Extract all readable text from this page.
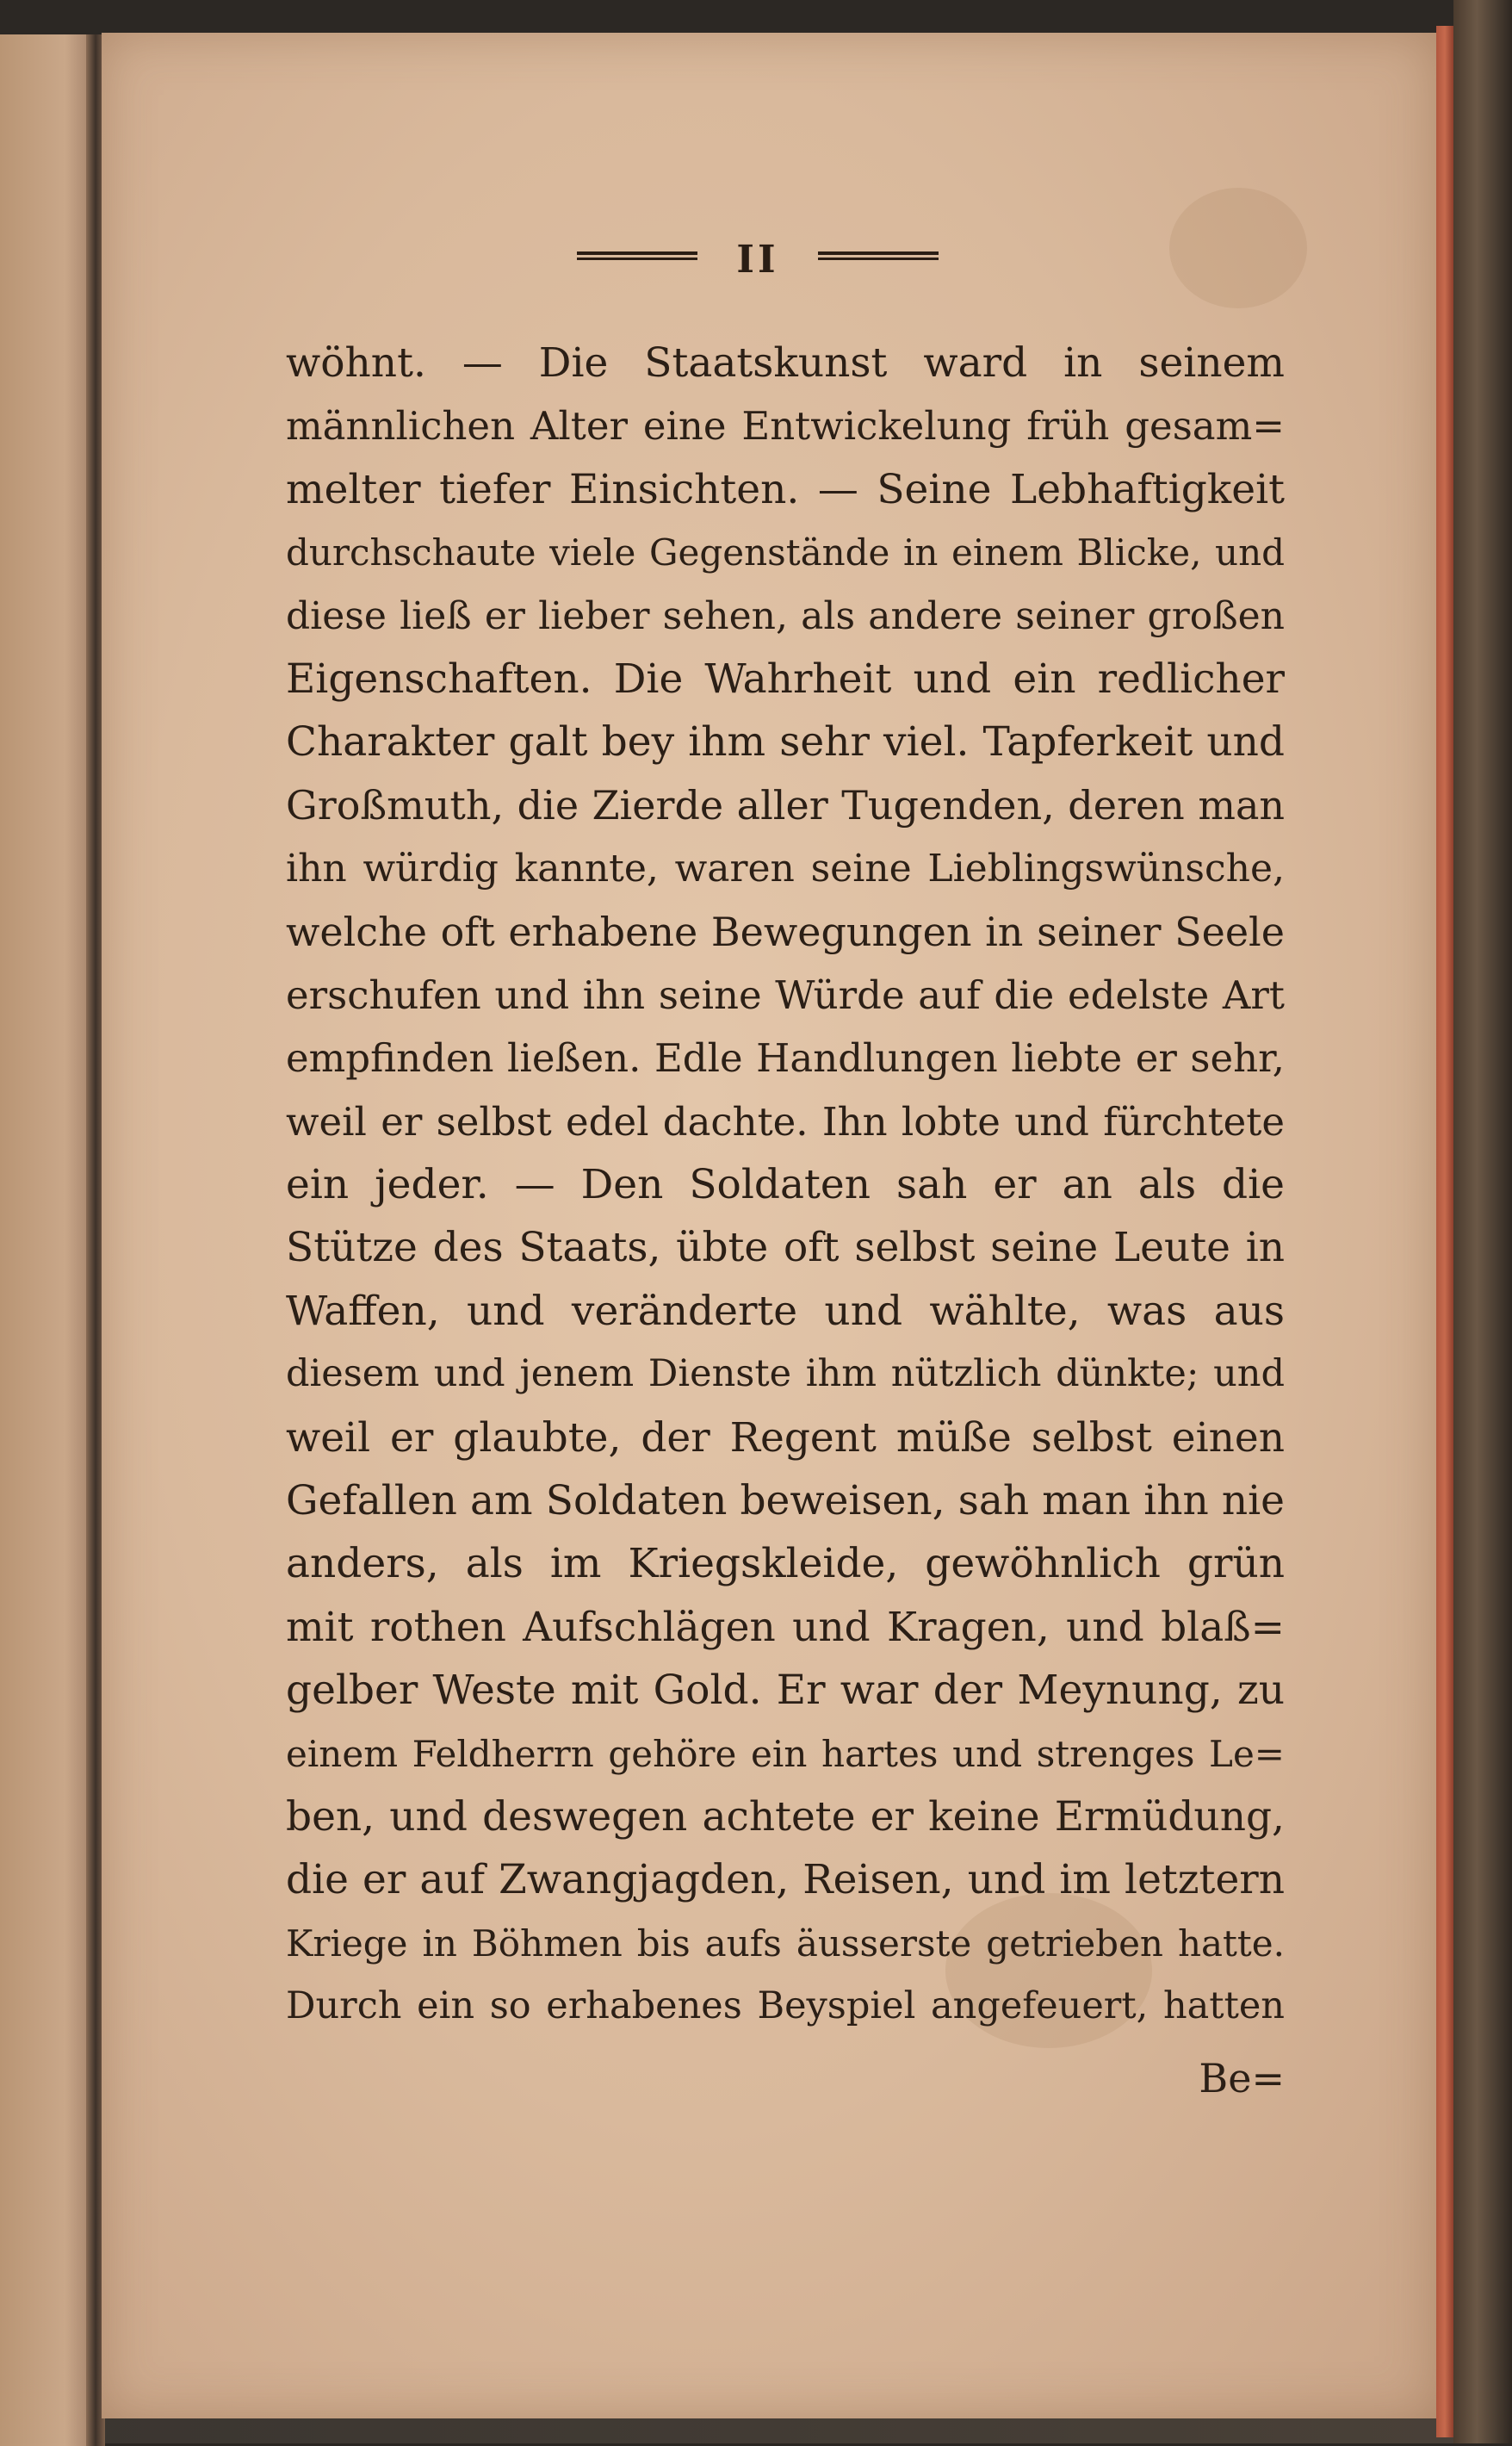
II
wöhnt. — Die Staatskunst ward in seinem
männlichen Alter eine Entwickelung früh gesam=
melter tiefer Einsichten. — Seine Lebhaftigkeit
durchschaute viele Gegenstände in einem Blicke, und
diese ließ er lieber sehen, als andere seiner großen
Eigenschaften. Die Wahrheit und ein redlicher
Charakter galt bey ihm sehr viel. Tapferkeit und
Großmuth, die Zierde aller Tugenden, deren man
ihn würdig kannte, waren seine Lieblingswünsche,
welche oft erhabene Bewegungen in seiner Seele
erschufen und ihn seine Würde auf die edelste Art
empfinden ließen. Edle Handlungen liebte er sehr,
weil er selbst edel dachte. Ihn lobte und fürchtete
ein jeder. — Den Soldaten sah er an als die
Stütze des Staats, übte oft selbst seine Leute in
Waffen, und veränderte und wählte, was aus
diesem und jenem Dienste ihm nützlich dünkte; und
weil er glaubte, der Regent müße selbst einen
Gefallen am Soldaten beweisen, sah man ihn nie
anders, als im Kriegskleide, gewöhnlich grün
mit rothen Aufschlägen und Kragen, und blaß=
gelber Weste mit Gold. Er war der Meynung, zu
einem Feldherrn gehöre ein hartes und strenges Le=
ben, und deswegen achtete er keine Ermüdung,
die er auf Zwangjagden, Reisen, und im letztern
Kriege in Böhmen bis aufs äusserste getrieben hatte.
Durch ein so erhabenes Beyspiel angefeuert, hatten
Be=
